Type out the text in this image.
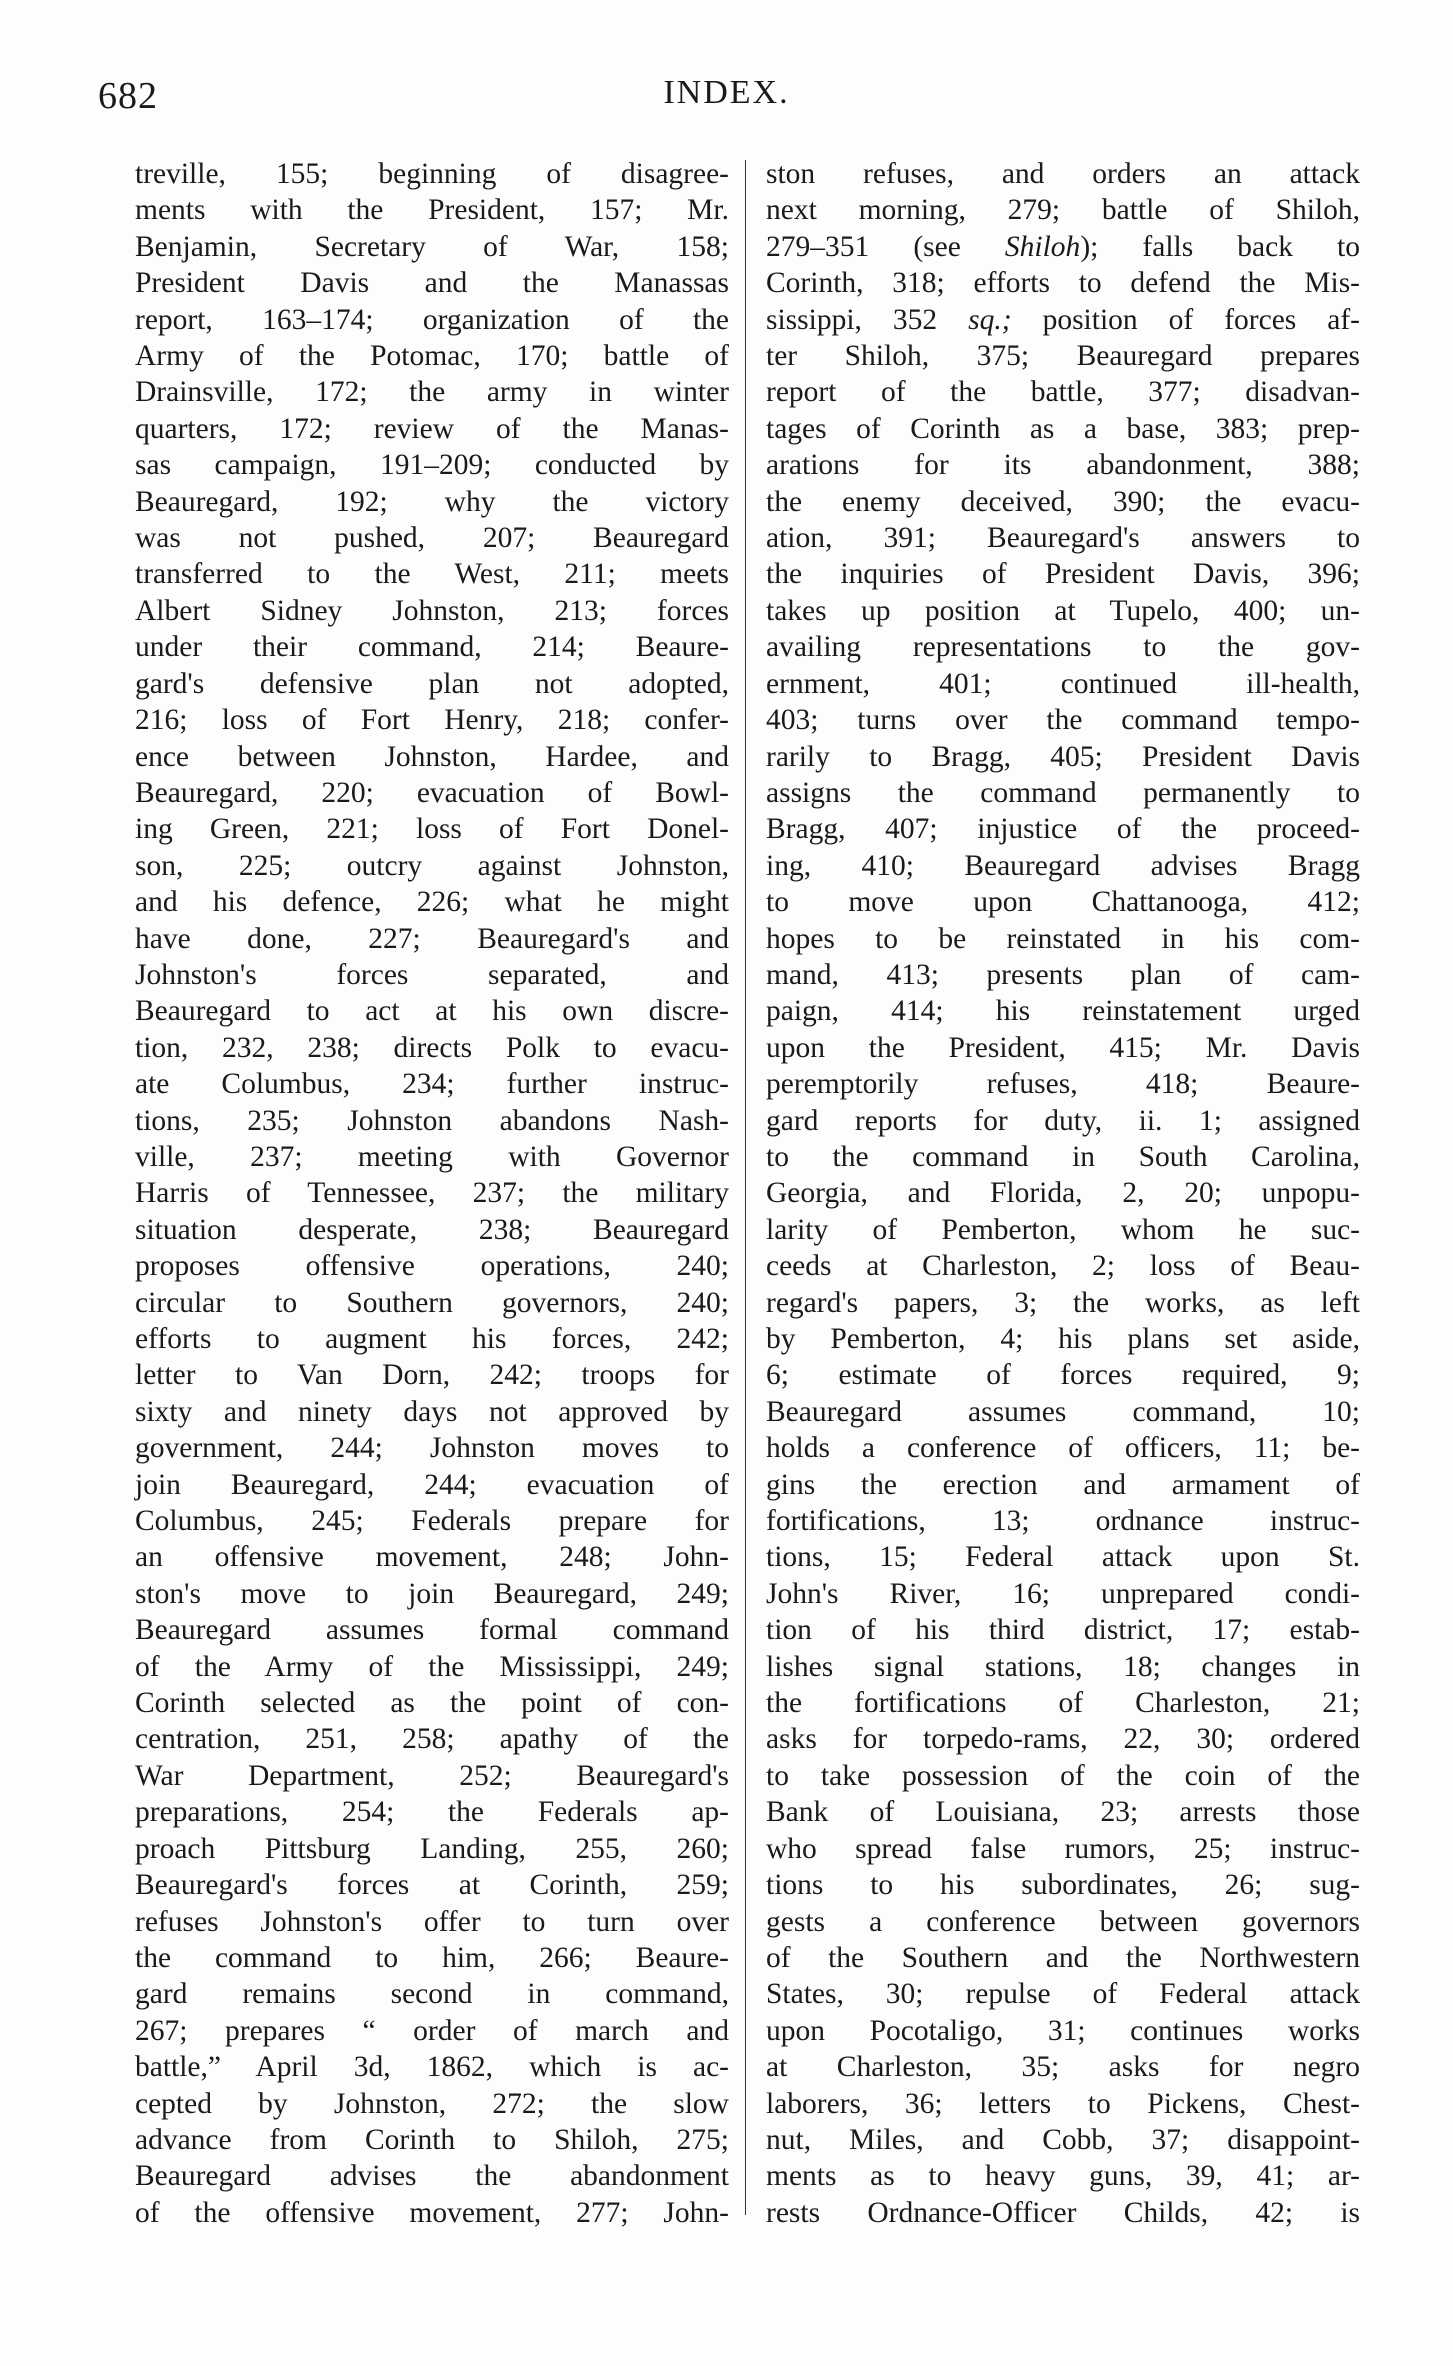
682	INDEX.
treville, 155; beginning of disagree-
ments with the President, 157; Mr.
Benjamin, Secretary of War, 158;
President Davis and the Manassas
report, 163–174; organization of the
Army of the Potomac, 170; battle of
Drainsville, 172; the army in winter
quarters, 172; review of the Manas-
sas campaign, 191–209; conducted by
Beauregard, 192; why the victory
was not pushed, 207; Beauregard
transferred to the West, 211; meets
Albert Sidney Johnston, 213; forces
under their command, 214; Beaure-
gard's defensive plan not adopted,
216; loss of Fort Henry, 218; confer-
ence between Johnston, Hardee, and
Beauregard, 220; evacuation of Bowl-
ing Green, 221; loss of Fort Donel-
son, 225; outcry against Johnston,
and his defence, 226; what he might
have done, 227; Beauregard's and
Johnston's forces separated, and
Beauregard to act at his own discre-
tion, 232, 238; directs Polk to evacu-
ate Columbus, 234; further instruc-
tions, 235; Johnston abandons Nash-
ville, 237; meeting with Governor
Harris of Tennessee, 237; the military
situation desperate, 238; Beauregard
proposes offensive operations, 240;
circular to Southern governors, 240;
efforts to augment his forces, 242;
letter to Van Dorn, 242; troops for
sixty and ninety days not approved by
government, 244; Johnston moves to
join Beauregard, 244; evacuation of
Columbus, 245; Federals prepare for
an offensive movement, 248; John-
ston's move to join Beauregard, 249;
Beauregard assumes formal command
of the Army of the Mississippi, 249;
Corinth selected as the point of con-
centration, 251, 258; apathy of the
War Department, 252; Beauregard's
preparations, 254; the Federals ap-
proach Pittsburg Landing, 255, 260;
Beauregard's forces at Corinth, 259;
refuses Johnston's offer to turn over
the command to him, 266; Beaure-
gard remains second in command,
267; prepares “ order of march and
battle,” April 3d, 1862, which is ac-
cepted by Johnston, 272; the slow
advance from Corinth to Shiloh, 275;
Beauregard advises the abandonment
of the offensive movement, 277; John-
ston refuses, and orders an attack
next morning, 279; battle of Shiloh,
279–351 (see Shiloh); falls back to
Corinth, 318; efforts to defend the Mis-
sissippi, 352 sq.; position of forces af-
ter Shiloh, 375; Beauregard prepares
report of the battle, 377; disadvan-
tages of Corinth as a base, 383; prep-
arations for its abandonment, 388;
the enemy deceived, 390; the evacu-
ation, 391; Beauregard's answers to
the inquiries of President Davis, 396;
takes up position at Tupelo, 400; un-
availing representations to the gov-
ernment, 401; continued ill-health,
403; turns over the command tempo-
rarily to Bragg, 405; President Davis
assigns the command permanently to
Bragg, 407; injustice of the proceed-
ing, 410; Beauregard advises Bragg
to move upon Chattanooga, 412;
hopes to be reinstated in his com-
mand, 413; presents plan of cam-
paign, 414; his reinstatement urged
upon the President, 415; Mr. Davis
peremptorily refuses, 418; Beaure-
gard reports for duty, ii. 1; assigned
to the command in South Carolina,
Georgia, and Florida, 2, 20; unpopu-
larity of Pemberton, whom he suc-
ceeds at Charleston, 2; loss of Beau-
regard's papers, 3; the works, as left
by Pemberton, 4; his plans set aside,
6; estimate of forces required, 9;
Beauregard assumes command, 10;
holds a conference of officers, 11; be-
gins the erection and armament of
fortifications, 13; ordnance instruc-
tions, 15; Federal attack upon St.
John's River, 16; unprepared condi-
tion of his third district, 17; estab-
lishes signal stations, 18; changes in
the fortifications of Charleston, 21;
asks for torpedo-rams, 22, 30; ordered
to take possession of the coin of the
Bank of Louisiana, 23; arrests those
who spread false rumors, 25; instruc-
tions to his subordinates, 26; sug-
gests a conference between governors
of the Southern and the Northwestern
States, 30; repulse of Federal attack
upon Pocotaligo, 31; continues works
at Charleston, 35; asks for negro
laborers, 36; letters to Pickens, Chest-
nut, Miles, and Cobb, 37; disappoint-
ments as to heavy guns, 39, 41; ar-
rests Ordnance-Officer Childs, 42; is
